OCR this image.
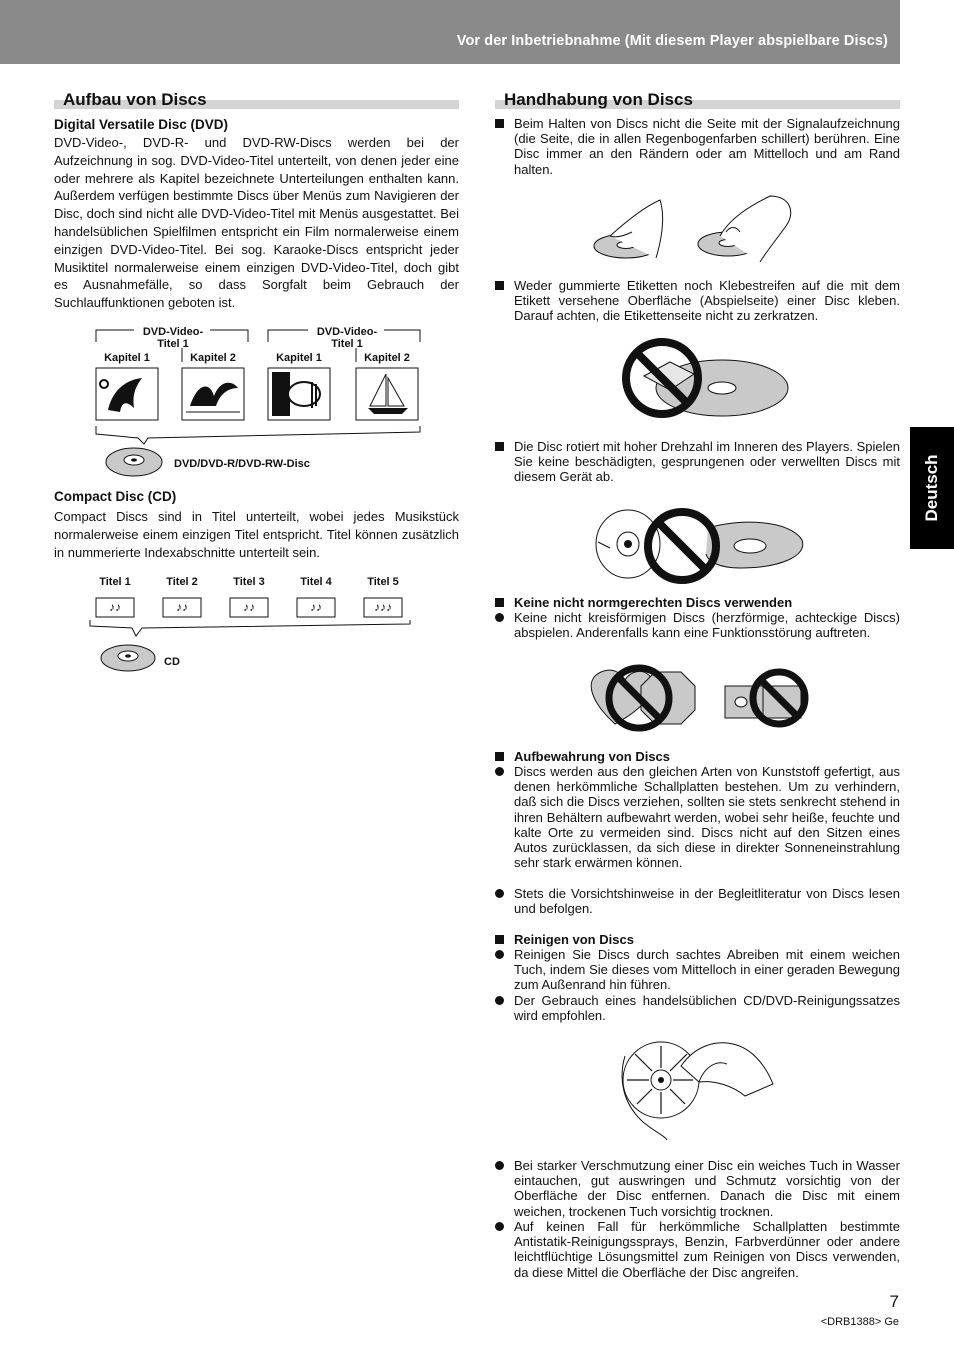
Vor der Inbetriebnahme (Mit diesem Player abspielbare Discs)
Deutsch
Aufbau von Discs
Digital Versatile Disc (DVD)
DVD-Video-, DVD-R- und DVD-RW-Discs werden bei der Aufzeichnung in sog. DVD-Video-Titel unterteilt, von denen jeder eine oder mehrere als Kapitel bezeichnete Unterteilungen enthalten kann. Außerdem verfügen bestimmte Discs über Menüs zum Navigieren der Disc, doch sind nicht alle DVD-Video-Titel mit Menüs ausgestattet. Bei handelsüblichen Spielfilmen entspricht ein Film normalerweise einem einzigen DVD-Video-Titel. Bei sog. Karaoke-Discs entspricht jeder Musiktitel normalerweise einem einzigen DVD-Video-Titel, doch gibt es Ausnahmefälle, so dass Sorgfalt beim Gebrauch der Suchlauffunktionen geboten ist.
DVD-Video-
Titel 1
DVD-Video-
Titel 1
Kapitel 1	Kapitel 2	Kapitel 1	Kapitel 2
DVD/DVD-R/DVD-RW-Disc
Compact Disc (CD)
Compact Discs sind in Titel unterteilt, wobei jedes Musikstück normalerweise einem einzigen Titel entspricht. Titel können zusätzlich in nummerierte Indexabschnitte unterteilt sein.
Titel 1	Titel 2	Titel 3	Titel 4	Titel 5
♪♪	♪♪	♪♪	♪♪	♪♪♪
CD
Handhabung von Discs
Beim Halten von Discs nicht die Seite mit der Signalaufzeichnung (die Seite, die in allen Regenbogenfarben schillert) berühren. Eine Disc immer an den Rändern oder am Mittelloch und am Rand halten.
Weder gummierte Etiketten noch Klebestreifen auf die mit dem Etikett versehene Oberfläche (Abspielseite) einer Disc kleben. Darauf achten, die Etikettenseite nicht zu zerkratzen.
Die Disc rotiert mit hoher Drehzahl im Inneren des Players. Spielen Sie keine beschädigten, gesprungenen oder verwellten Discs mit diesem Gerät ab.
Keine nicht normgerechten Discs verwenden
Keine nicht kreisförmigen Discs (herzförmige, achteckige Discs) abspielen. Anderenfalls kann eine Funktionsstörung auftreten.
Aufbewahrung von Discs
Discs werden aus den gleichen Arten von Kunststoff gefertigt, aus denen herkömmliche Schallplatten bestehen. Um zu verhindern, daß sich die Discs verziehen, sollten sie stets senkrecht stehend in ihren Behältern aufbewahrt werden, wobei sehr heiße, feuchte und kalte Orte zu vermeiden sind. Discs nicht auf den Sitzen eines Autos zurücklassen, da sich diese in direkter Sonneneinstrahlung sehr stark erwärmen können.
Stets die Vorsichtshinweise in der Begleitliteratur von Discs lesen und befolgen.
Reinigen von Discs
Reinigen Sie Discs durch sachtes Abreiben mit einem weichen Tuch, indem Sie dieses vom Mittelloch in einer geraden Bewegung zum Außenrand hin führen.
Der Gebrauch eines handelsüblichen CD/DVD-Reinigungssatzes wird empfohlen.
Bei starker Verschmutzung einer Disc ein weiches Tuch in Wasser eintauchen, gut auswringen und Schmutz vorsichtig von der Oberfläche der Disc entfernen. Danach die Disc mit einem weichen, trockenen Tuch vorsichtig trocknen.
Auf keinen Fall für herkömmliche Schallplatten bestimmte Antistatik-Reinigungssprays, Benzin, Farbverdünner oder andere leichtflüchtige Lösungsmittel zum Reinigen von Discs verwenden, da diese Mittel die Oberfläche der Disc angreifen.
7
<DRB1388> Ge
